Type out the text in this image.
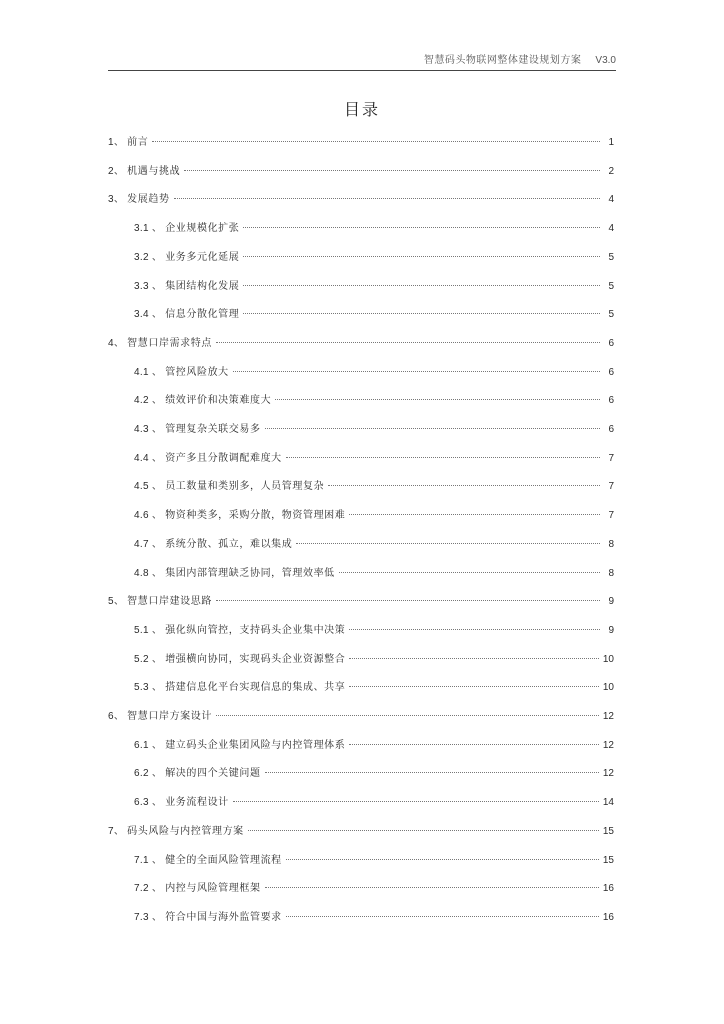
智慧码头物联网整体建设规划方案 V3.0
目录
1、 前言	1
2、 机遇与挑战	2
3、 发展趋势	4
3.1 、 企业规模化扩张	4
3.2 、 业务多元化延展	5
3.3 、 集团结构化发展	5
3.4 、 信息分散化管理	5
4、 智慧口岸需求特点	6
4.1 、 管控风险放大	6
4.2 、 绩效评价和决策难度大	6
4.3 、 管理复杂关联交易多	6
4.4 、 资产多且分散调配难度大	7
4.5 、 员工数量和类别多，人员管理复杂	7
4.6 、 物资种类多，采购分散，物资管理困难	7
4.7 、 系统分散、孤立，难以集成	8
4.8 、 集团内部管理缺乏协同，管理效率低	8
5、 智慧口岸建设思路	9
5.1 、 强化纵向管控，支持码头企业集中决策	9
5.2 、 增强横向协同，实现码头企业资源整合	10
5.3 、 搭建信息化平台实现信息的集成、共享	10
6、 智慧口岸方案设计	12
6.1 、 建立码头企业集团风险与内控管理体系	12
6.2 、 解决的四个关键问题	12
6.3 、 业务流程设计	14
7、 码头风险与内控管理方案	15
7.1 、 健全的全面风险管理流程	15
7.2 、 内控与风险管理框架	16
7.3 、 符合中国与海外监管要求	16
